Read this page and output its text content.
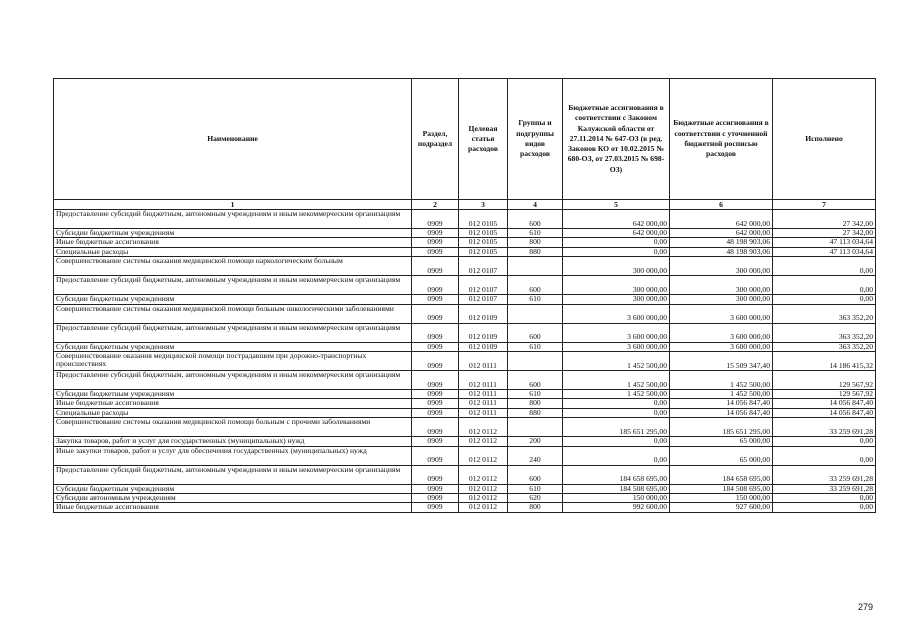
Наименование	Раздел, подраздел	Целевая статья расходов	Группы и подгруппы видов расходов	Бюджетные ассигнования в соответствии с Законом Калужской области от 27.11.2014 № 647-ОЗ (в ред. Законов КО от 10.02.2015 № 680-ОЗ, от 27.03.2015 № 698-ОЗ)	Бюджетные ассигнования в соответствии с уточненной бюджетной росписью расходов	Исполнено
1	2	3	4	5	6	7
Предоставление субсидий бюджетным, автономным учреждениям и иным некоммерческим организациям	0909	012 0105	600	642 000,00	642 000,00	27 342,00
Субсидии бюджетным учреждениям	0909	012 0105	610	642 000,00	642 000,00	27 342,00
Иные бюджетные ассигнования	0909	012 0105	800	0,00	48 198 903,06	47 113 034,64
Специальные расходы	0909	012 0105	880	0,00	48 198 903,06	47 113 034,64
Совершенствование системы оказания медицинской помощи наркологическим больным	0909	012 0107		300 000,00	300 000,00	0,00
Предоставление субсидий бюджетным, автономным учреждениям и иным некоммерческим организациям	0909	012 0107	600	300 000,00	300 000,00	0,00
Субсидии бюджетным учреждениям	0909	012 0107	610	300 000,00	300 000,00	0,00
Совершенствование системы оказания медицинской помощи больным онкологическими заболеваниями	0909	012 0109		3 600 000,00	3 600 000,00	363 352,20
Предоставление субсидий бюджетным, автономным учреждениям и иным некоммерческим организациям	0909	012 0109	600	3 600 000,00	3 600 000,00	363 352,20
Субсидии бюджетным учреждениям	0909	012 0109	610	3 600 000,00	3 600 000,00	363 352,20
Совершенствование оказания медицинской помощи пострадавшим при дорожно-транспортных происшествиях	0909	012 0111		1 452 500,00	15 509 347,40	14 186 415,32
Предоставление субсидий бюджетным, автономным учреждениям и иным некоммерческим организациям	0909	012 0111	600	1 452 500,00	1 452 500,00	129 567,92
Субсидии бюджетным учреждениям	0909	012 0111	610	1 452 500,00	1 452 500,00	129 567,92
Иные бюджетные ассигнования	0909	012 0111	800	0,00	14 056 847,40	14 056 847,40
Специальные расходы	0909	012 0111	880	0,00	14 056 847,40	14 056 847,40
Совершенствование системы оказания медицинской помощи больным с прочими заболеваниями	0909	012 0112		185 651 295,00	185 651 295,00	33 259 691,28
Закупка товаров, работ и услуг для государственных (муниципальных) нужд	0909	012 0112	200	0,00	65 000,00	0,00
Иные закупки товаров, работ и услуг для обеспечения государственных (муниципальных) нужд	0909	012 0112	240	0,00	65 000,00	0,00
Предоставление субсидий бюджетным, автономным учреждениям и иным некоммерческим организациям	0909	012 0112	600	184 658 695,00	184 658 695,00	33 259 691,28
Субсидии бюджетным учреждениям	0909	012 0112	610	184 508 695,00	184 508 695,00	33 259 691,28
Субсидии автономным учреждениям	0909	012 0112	620	150 000,00	150 000,00	0,00
Иные бюджетные ассигнования	0909	012 0112	800	992 600,00	927 600,00	0,00
279
